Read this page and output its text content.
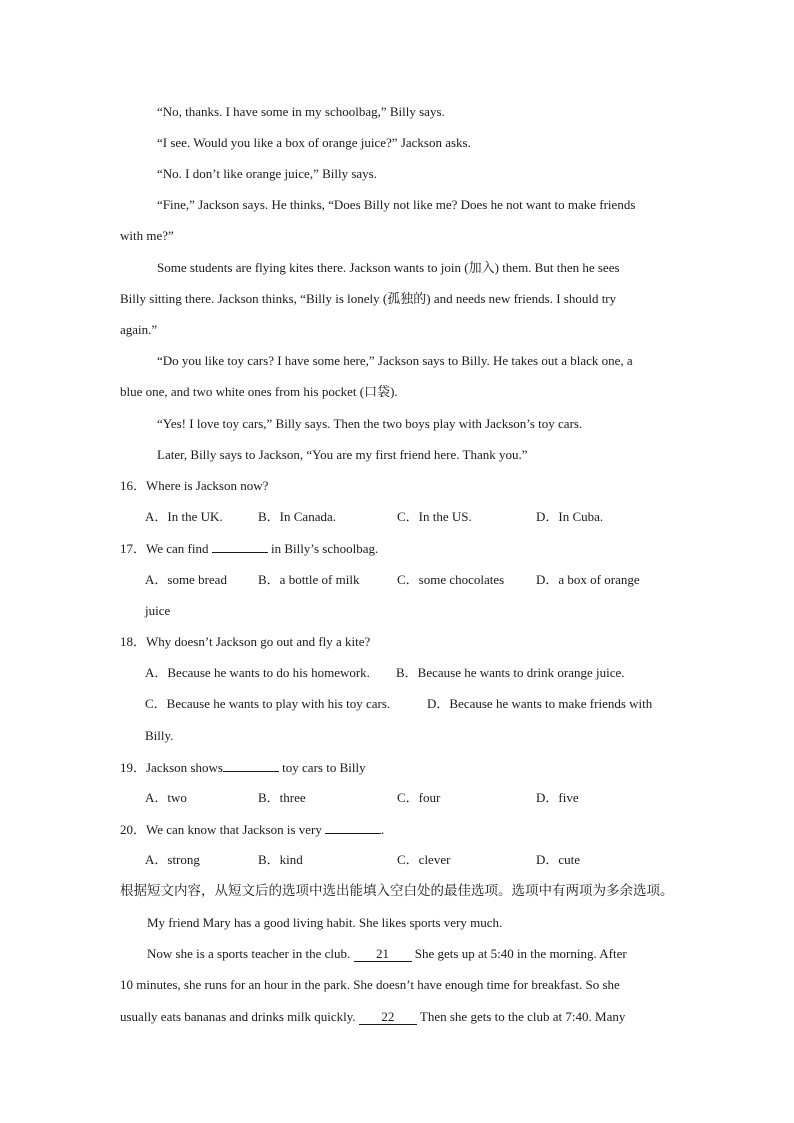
“No, thanks. I have some in my schoolbag,” Billy says.
“I see. Would you like a box of orange juice?” Jackson asks.
“No. I don’t like orange juice,” Billy says.
“Fine,” Jackson says. He thinks, “Does Billy not like me? Does he not want to make friends
with me?”
Some students are flying kites there. Jackson wants to join (加入) them. But then he sees
Billy sitting there. Jackson thinks, “Billy is lonely (孤独的) and needs new friends. I should try
again.”
“Do you like toy cars? I have some here,” Jackson says to Billy. He takes out a black one, a
blue one, and two white ones from his pocket (口袋).
“Yes! I love toy cars,” Billy says. Then the two boys play with Jackson’s toy cars.
Later, Billy says to Jackson, “You are my first friend here. Thank you.”
16．Where is Jackson now?
A．In the UK.	B．In Canada.	C．In the US.	D．In Cuba.
17．We can find	in Billy’s schoolbag.
A．some bread	B．a bottle of milk	C．some chocolates	D．a box of orange
juice
18．Why doesn’t Jackson go out and fly a kite?
A．Because he wants to do his homework.	B．Because he wants to drink orange juice.
C．Because he wants to play with his toy cars.	D．Because he wants to make friends with
Billy.
19．Jackson shows	toy cars to Billy
A．two	B．three	C．four	D．five
20．We can know that Jackson is very	.
A．strong	B．kind	C．clever	D．cute
根据短文内容，从短文后的选项中选出能填入空白处的最佳选项。选项中有两项为多余选项。
My friend Mary has a good living habit. She likes sports very much.
Now she is a sports teacher in the club. 21 She gets up at 5:40 in the morning. After
10 minutes, she runs for an hour in the park. She doesn’t have enough time for breakfast. So she
usually eats bananas and drinks milk quickly. 22 Then she gets to the club at 7:40. Many
